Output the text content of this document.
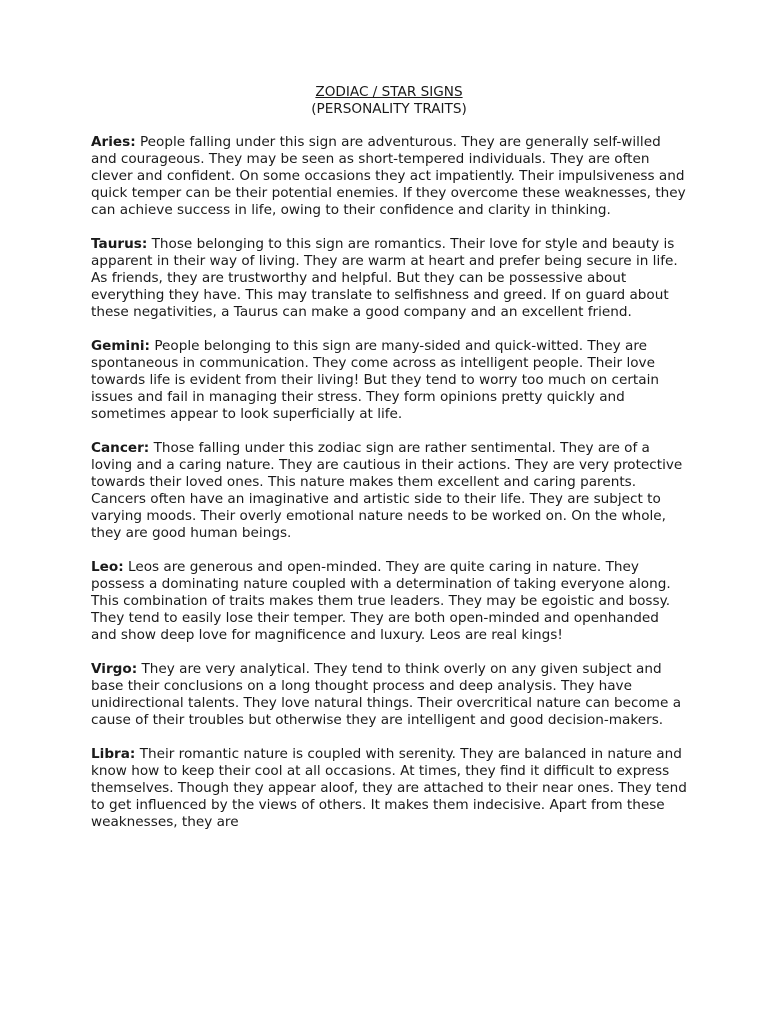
ZODIAC / STAR SIGNS
(PERSONALITY TRAITS)

Aries: People falling under this sign are adventurous. They are generally self-willed and courageous. They may be seen as short-tempered individuals. They are often clever and confident. On some occasions they act impatiently. Their impulsiveness and quick temper can be their potential enemies. If they overcome these weaknesses, they can achieve success in life, owing to their confidence and clarity in thinking.

Taurus: Those belonging to this sign are romantics. Their love for style and beauty is apparent in their way of living. They are warm at heart and prefer being secure in life. As friends, they are trustworthy and helpful. But they can be possessive about everything they have. This may translate to selfishness and greed. If on guard about these negativities, a Taurus can make a good company and an excellent friend.

Gemini: People belonging to this sign are many-sided and quick-witted. They are spontaneous in communication. They come across as intelligent people. Their love towards life is evident from their living! But they tend to worry too much on certain issues and fail in managing their stress. They form opinions pretty quickly and sometimes appear to look superficially at life.

Cancer: Those falling under this zodiac sign are rather sentimental. They are of a loving and a caring nature. They are cautious in their actions. They are very protective towards their loved ones. This nature makes them excellent and caring parents. Cancers often have an imaginative and artistic side to their life. They are subject to varying moods. Their overly emotional nature needs to be worked on. On the whole, they are good human beings.

Leo: Leos are generous and open-minded. They are quite caring in nature. They possess a dominating nature coupled with a determination of taking everyone along. This combination of traits makes them true leaders. They may be egoistic and bossy. They tend to easily lose their temper. They are both open-minded and openhanded and show deep love for magnificence and luxury. Leos are real kings!

Virgo: They are very analytical. They tend to think overly on any given subject and base their conclusions on a long thought process and deep analysis. They have unidirectional talents. They love natural things. Their overcritical nature can become a cause of their troubles but otherwise they are intelligent and good decision-makers.

Libra: Their romantic nature is coupled with serenity. They are balanced in nature and know how to keep their cool at all occasions. At times, they find it difficult to express themselves. Though they appear aloof, they are attached to their near ones. They tend to get influenced by the views of others. It makes them indecisive. Apart from these weaknesses, they are
